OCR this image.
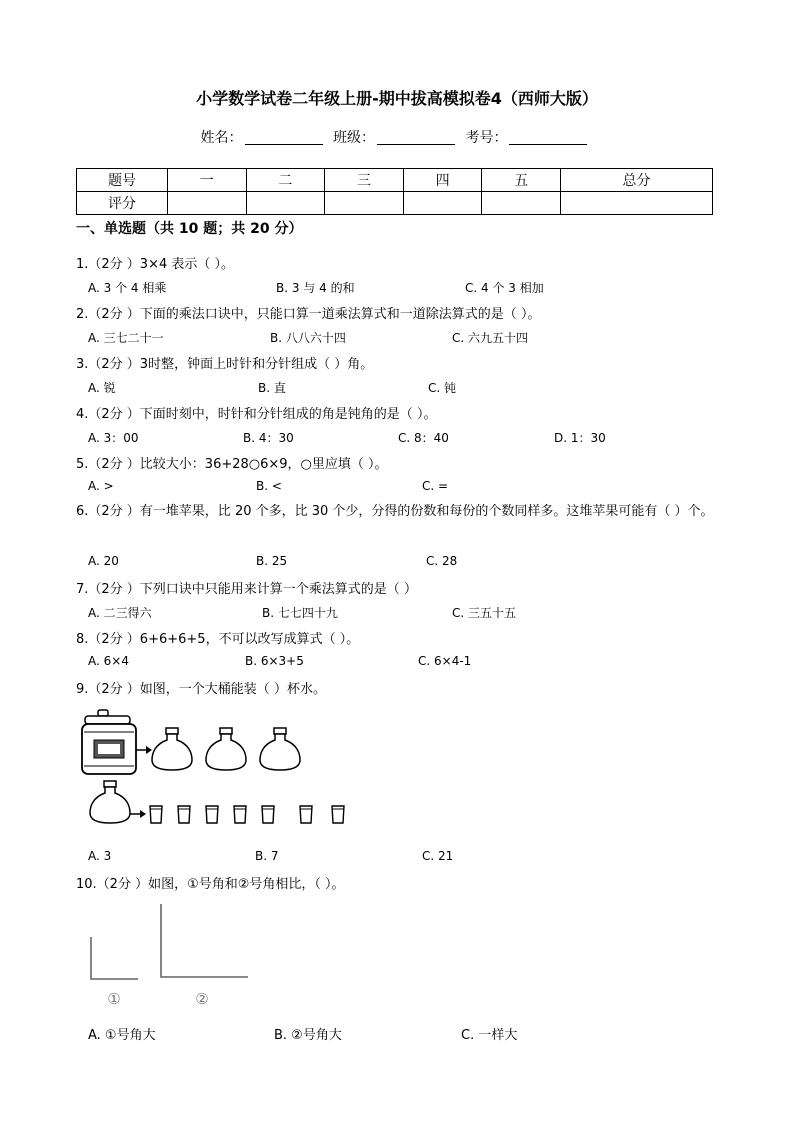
小学数学试卷二年级上册-期中拔高模拟卷4（西师大版）
姓名：	班级：	考号：
题号	一	二	三	四	五	总分
评分						
一、单选题（共 10 题；共 20 分）
1.（2分 ）3×4 表示（ ）。
A. 3 个 4 相乘	B. 3 与 4 的和	C. 4 个 3 相加
2.（2分 ）下面的乘法口诀中，只能口算一道乘法算式和一道除法算式的是（ ）。
A. 三七二十一	B. 八八六十四	C. 六九五十四
3.（2分 ）3时整，钟面上时针和分针组成（ ）角。
A. 锐	B. 直	C. 钝
4.（2分 ）下面时刻中，时针和分针组成的角是钝角的是（ ）。
A. 3：00	B. 4：30	C. 8：40	D. 1：30
5.（2分 ）比较大小：36+28○6×9，○里应填（ ）。
A. >	B. <	C. =
6.（2分 ）有一堆苹果，比 20 个多，比 30 个少，分得的份数和每份的个数同样多。这堆苹果可能有（ ）个。
A. 20	B. 25	C. 28
7.（2分 ）下列口诀中只能用来计算一个乘法算式的是（ ）
A. 二三得六	B. 七七四十九	C. 三五十五
8.（2分 ）6+6+6+5，不可以改写成算式（ ）。
A. 6×4	B. 6×3+5	C. 6×4-1
9.（2分 ）如图，一个大桶能装（ ）杯水。
A. 3	B. 7	C. 21
10.（2分 ）如图，①号角和②号角相比，（ ）。
①	②
A. ①号角大	B. ②号角大	C. 一样大
